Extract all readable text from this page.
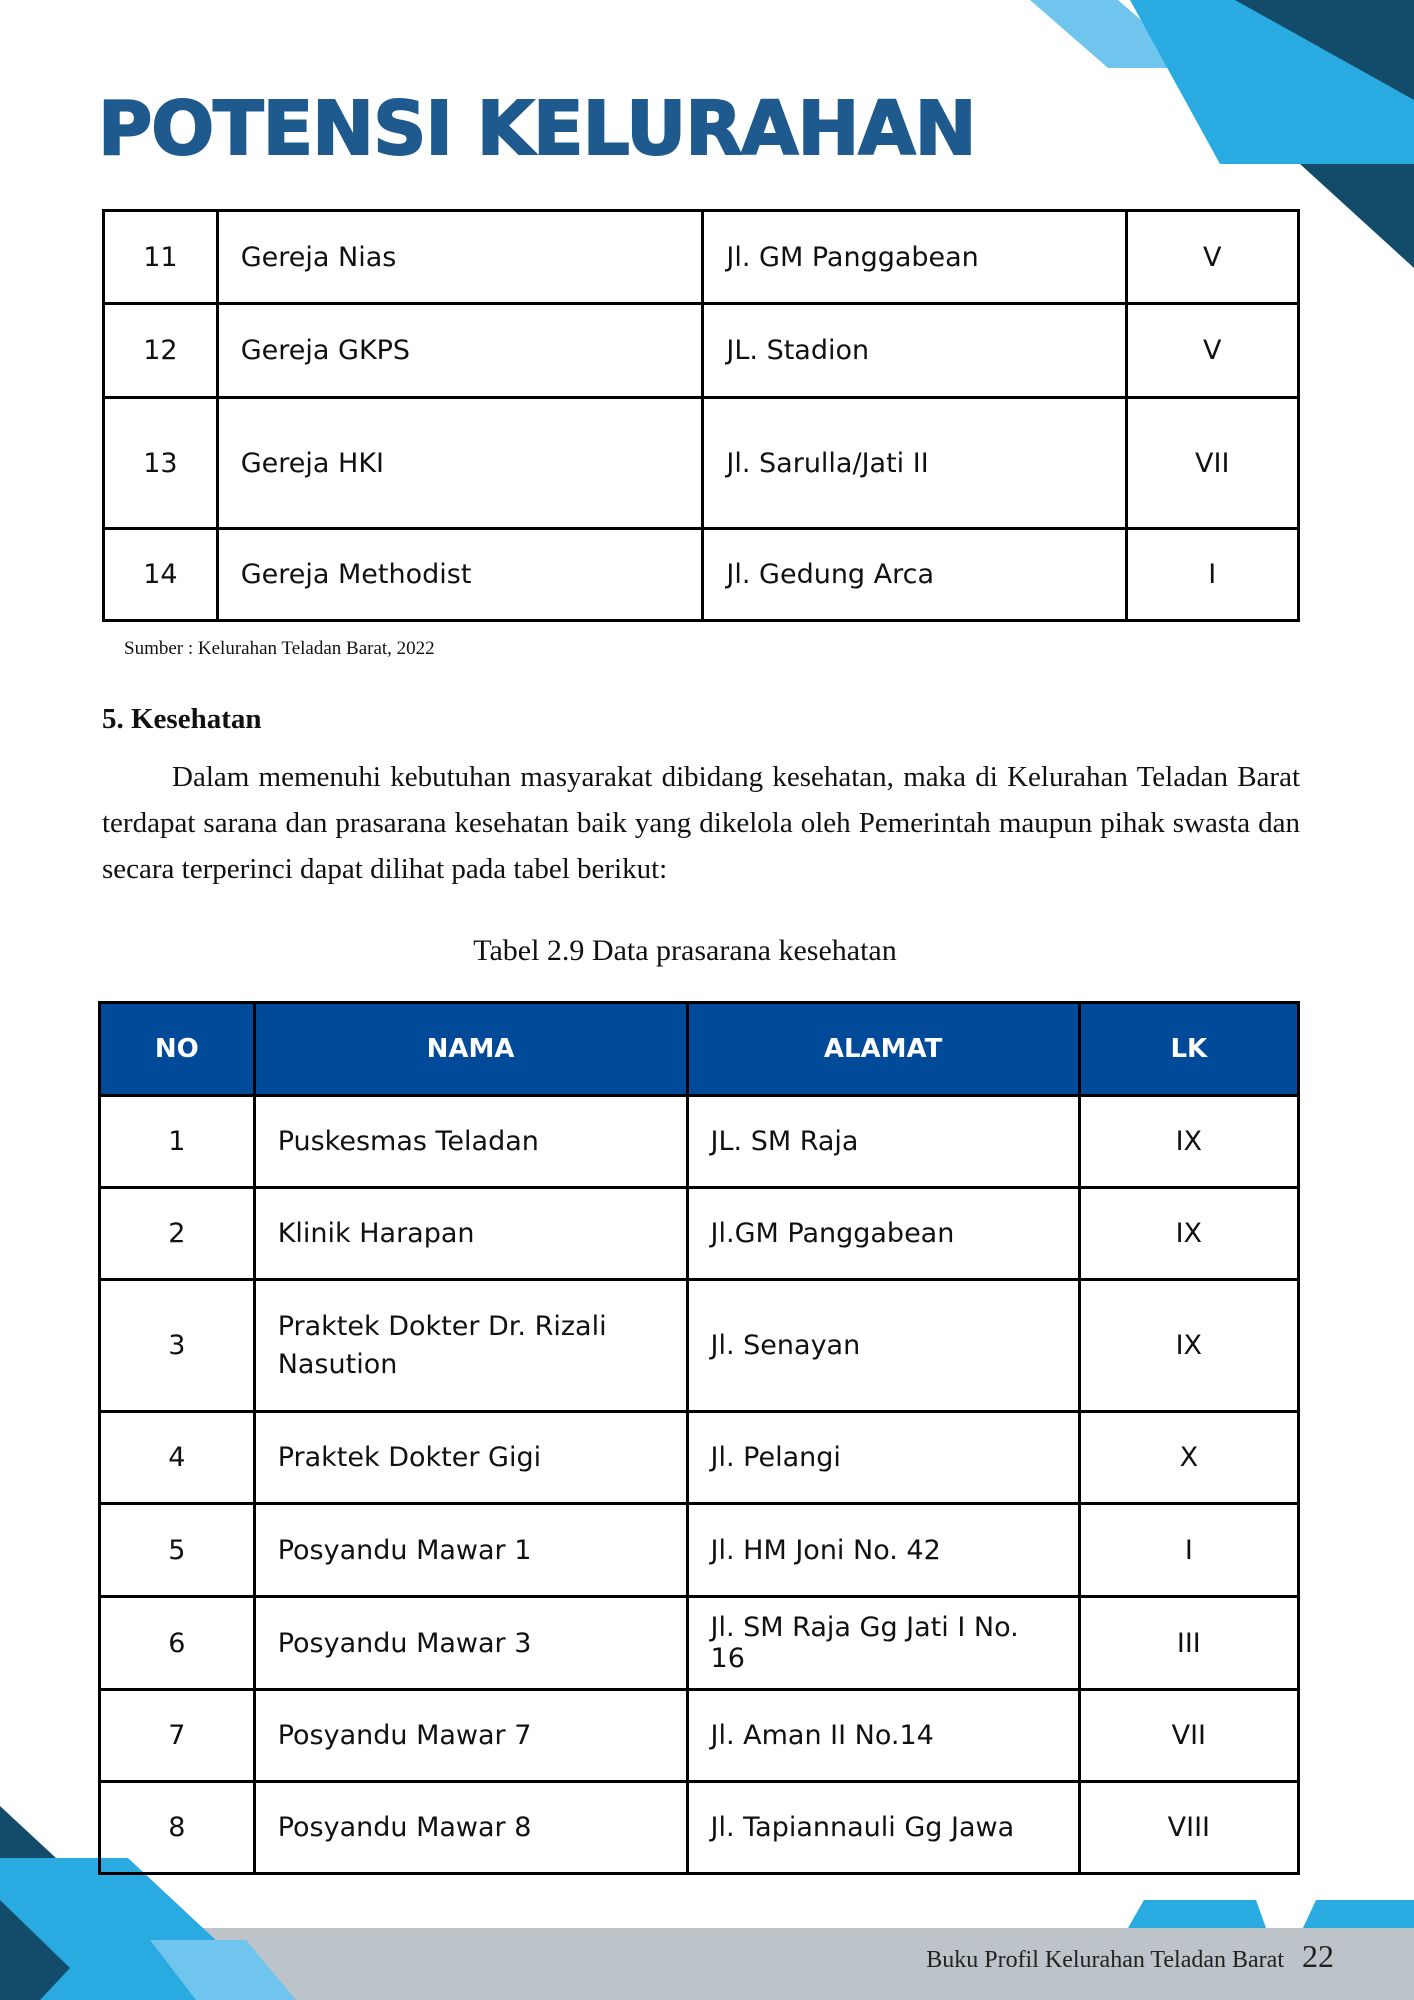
POTENSI KELURAHAN
11	Gereja Nias	Jl. GM Panggabean	V
12	Gereja GKPS	JL. Stadion	V
13	Gereja HKI	Jl. Sarulla/Jati II	VII
14	Gereja Methodist	Jl. Gedung Arca	I
Sumber : Kelurahan Teladan Barat, 2022
5. Kesehatan

Dalam memenuhi kebutuhan masyarakat dibidang kesehatan, maka di Kelurahan Teladan Barat terdapat sarana dan prasarana kesehatan baik yang dikelola oleh Pemerintah maupun pihak swasta dan secara terperinci dapat dilihat pada tabel berikut:

Tabel 2.9 Data prasarana kesehatan

NO	NAMA	ALAMAT	LK
1	Puskesmas Teladan	JL. SM Raja	IX
2	Klinik Harapan	Jl.GM Panggabean	IX
3	Praktek Dokter Dr. Rizali Nasution	Jl. Senayan	IX
4	Praktek Dokter Gigi	Jl. Pelangi	X
5	Posyandu Mawar 1	Jl. HM Joni No. 42	I
6	Posyandu Mawar 3	Jl. SM Raja Gg Jati I No. 16	III
7	Posyandu Mawar 7	Jl. Aman II No.14	VII
8	Posyandu Mawar 8	Jl. Tapiannauli Gg Jawa	VIII
Buku Profil Kelurahan Teladan Barat 22
